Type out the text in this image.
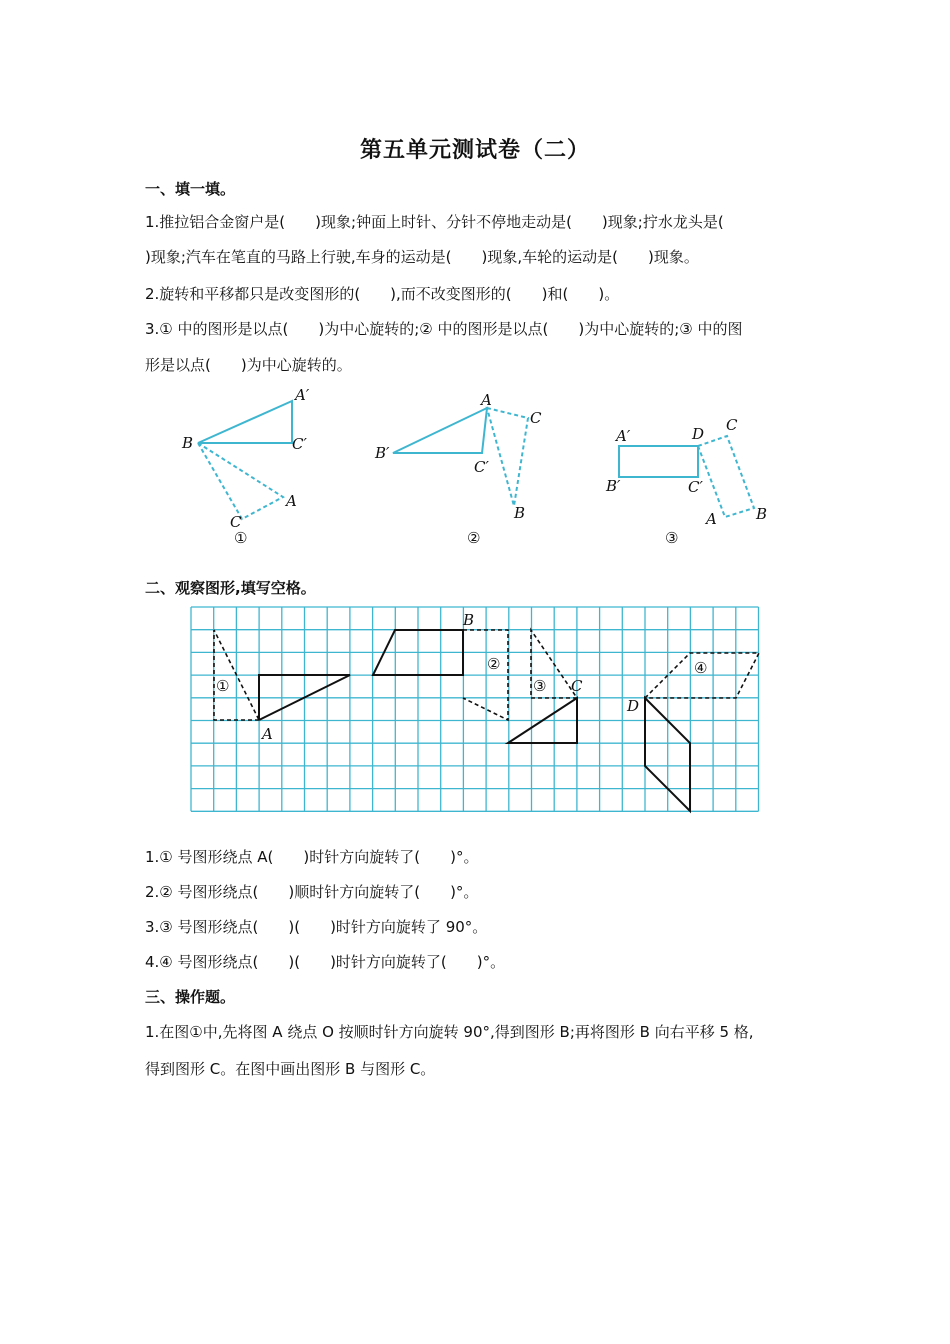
第五单元测试卷（二）
一、填一填。
1.推拉铝合金窗户是(　　)现象;钟面上时针、分针不停地走动是(　　)现象;拧水龙头是(
)现象;汽车在笔直的马路上行驶,车身的运动是(　　)现象,车轮的运动是(　　)现象。
2.旋转和平移都只是改变图形的(　　),而不改变图形的(　　)和(　　)。
3.① 中的图形是以点(　　)为中心旋转的;② 中的图形是以点(　　)为中心旋转的;③ 中的图
形是以点(　　)为中心旋转的。
A′
B	C′
A
C
①
A
C
B′
C′
B
②
A′	D C
B′	C′
A	B
③
二、观察图形,填写空格。
B
A
C
D
①
②
③
④
1.① 号图形绕点 A(　　)时针方向旋转了(　　)°。
2.② 号图形绕点(　　)顺时针方向旋转了(　　)°。
3.③ 号图形绕点(　　)(　　)时针方向旋转了 90°。
4.④ 号图形绕点(　　)(　　)时针方向旋转了(　　)°。
三、操作题。
1.在图①中,先将图 A 绕点 O 按顺时针方向旋转 90°,得到图形 B;再将图形 B 向右平移 5 格,
得到图形 C。在图中画出图形 B 与图形 C。
